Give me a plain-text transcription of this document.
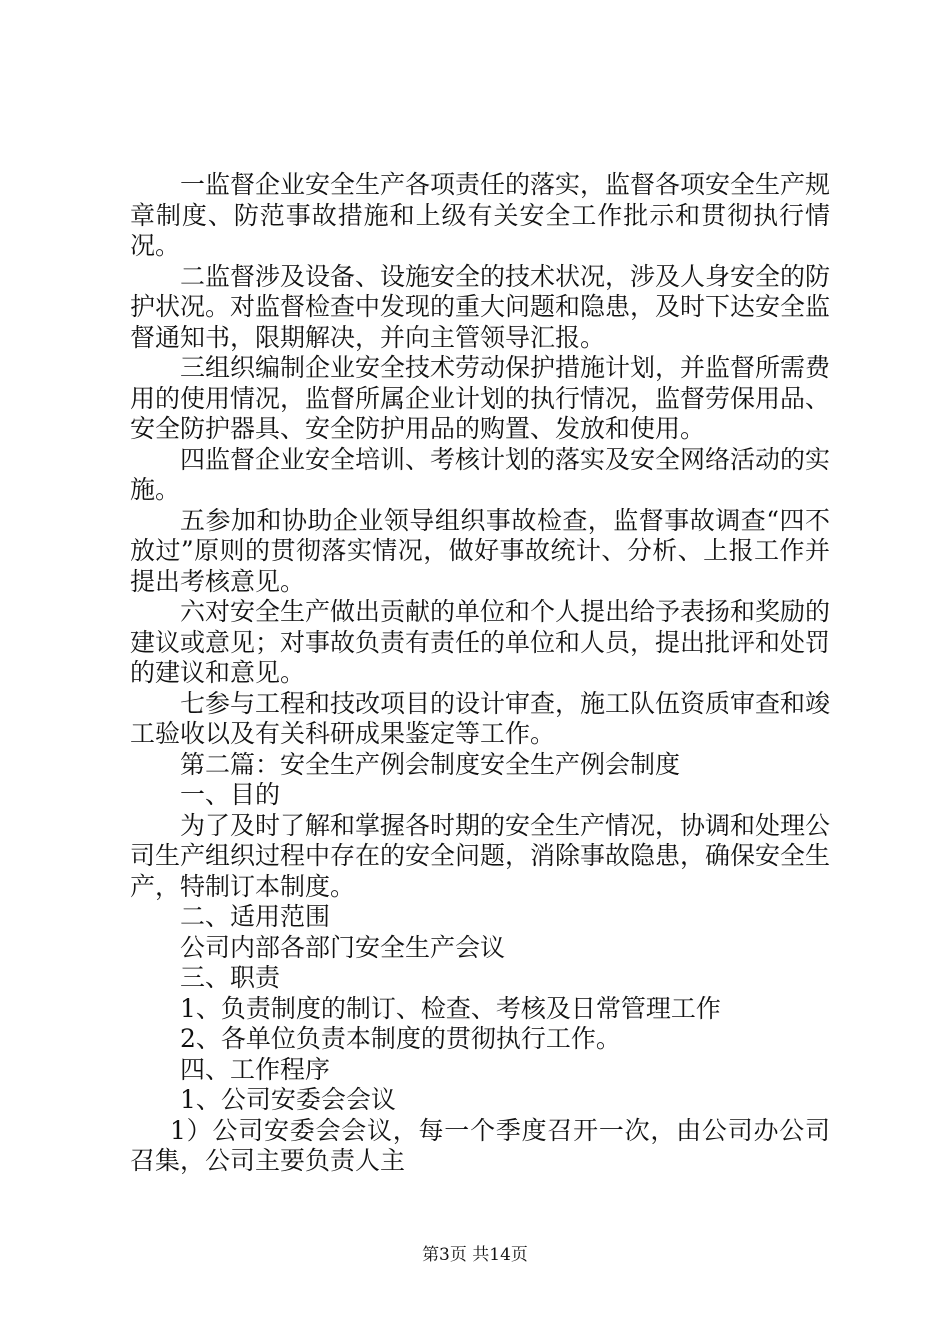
一监督企业安全生产各项责任的落实，监督各项安全生产规章制度、防范事故措施和上级有关安全工作批示和贯彻执行情况。

二监督涉及设备、设施安全的技术状况，涉及人身安全的防护状况。对监督检查中发现的重大问题和隐患，及时下达安全监督通知书，限期解决，并向主管领导汇报。

三组织编制企业安全技术劳动保护措施计划，并监督所需费用的使用情况，监督所属企业计划的执行情况，监督劳保用品、安全防护器具、安全防护用品的购置、发放和使用。

四监督企业安全培训、考核计划的落实及安全网络活动的实施。

五参加和协助企业领导组织事故检查，监督事故调查“四不放过”原则的贯彻落实情况，做好事故统计、分析、上报工作并提出考核意见。

六对安全生产做出贡献的单位和个人提出给予表扬和奖励的建议或意见；对事故负责有责任的单位和人员，提出批评和处罚的建议和意见。

七参与工程和技改项目的设计审查，施工队伍资质审查和竣工验收以及有关科研成果鉴定等工作。

第二篇：安全生产例会制度安全生产例会制度

一、目的

为了及时了解和掌握各时期的安全生产情况，协调和处理公司生产组织过程中存在的安全问题，消除事故隐患，确保安全生产，特制订本制度。

二、适用范围

公司内部各部门安全生产会议

三、职责

1、负责制度的制订、检查、考核及日常管理工作

2、各单位负责本制度的贯彻执行工作。

四、工作程序

1、公司安委会会议

1）公司安委会会议，每一个季度召开一次，由公司办公司召集，公司主要负责人主

第3页 共14页
